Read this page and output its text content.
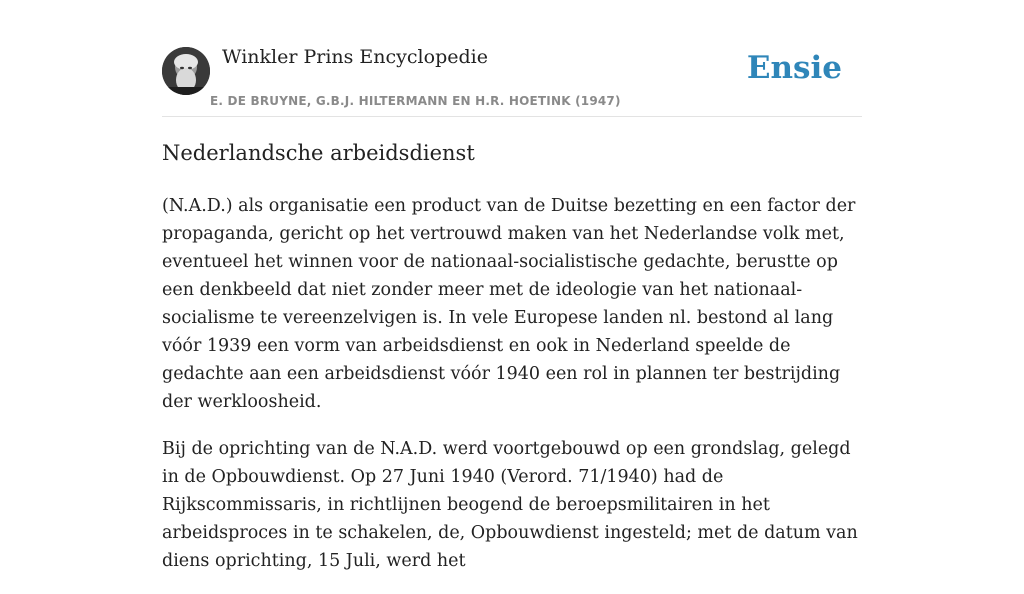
Winkler Prins Encyclopedie
E. DE BRUYNE, G.B.J. HILTERMANN EN H.R. HOETINK (1947)
Ensie
Nederlandsche arbeidsdienst

(N.A.D.) als organisatie een product van de Duitse bezetting en een factor der propaganda, gericht op het vertrouwd maken van het Nederlandse volk met, eventueel het winnen voor de nationaal-socialistische gedachte, berustte op een denkbeeld dat niet zonder meer met de ideologie van het nationaal-socialisme te vereenzelvigen is. In vele Europese landen nl. bestond al lang vóór 1939 een vorm van arbeidsdienst en ook in Nederland speelde de gedachte aan een arbeidsdienst vóór 1940 een rol in plannen ter bestrijding der werkloosheid.

Bij de oprichting van de N.A.D. werd voortgebouwd op een grondslag, gelegd in de Opbouwdienst. Op 27 Juni 1940 (Verord. 71/1940) had de Rijkscommissaris, in richtlijnen beogend de beroepsmilitairen in het arbeidsproces in te schakelen, de, Opbouwdienst ingesteld; met de datum van diens oprichting, 15 Juli, werd het
